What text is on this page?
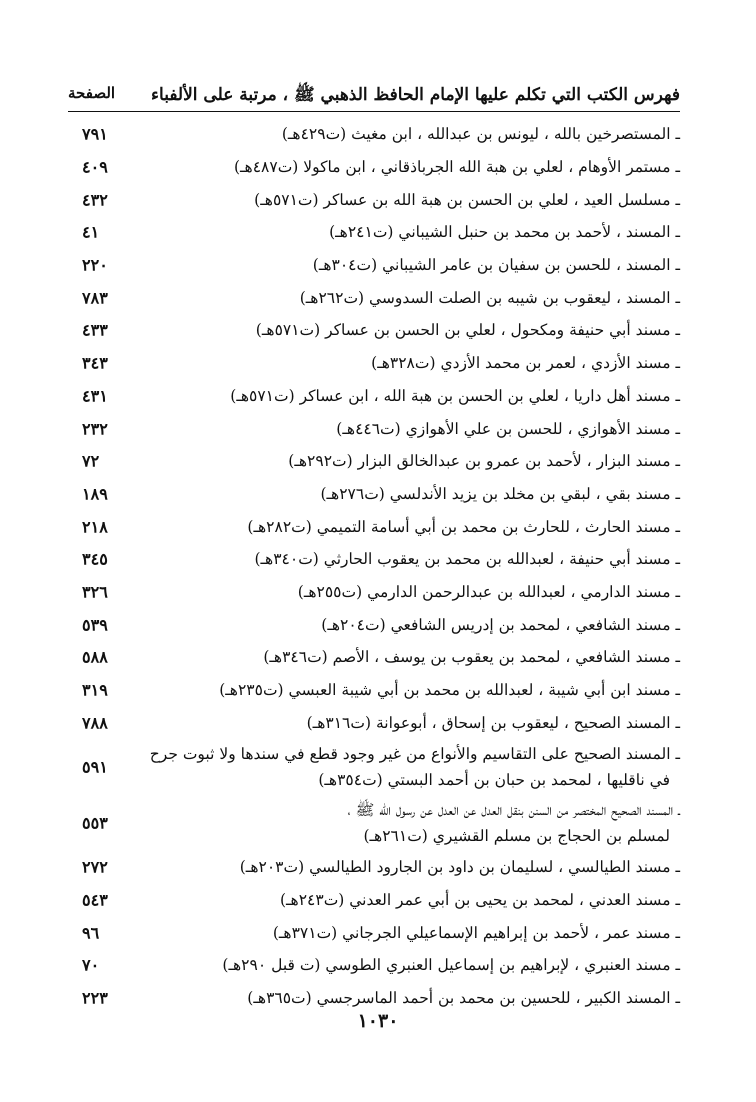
فهرس الكتب التي تكلم عليها الإمام الحافظ الذهبي ﷺ ، مرتبة على الألفباء
الصفحة
ـ المستصرخين بالله ، ليونس بن عبدالله ، ابن مغيث (ت٤٢٩هـ)
٧٩١
ـ مستمر الأوهام ، لعلي بن هبة الله الجرباذقاني ، ابن ماكولا (ت٤٨٧هـ)
٤٠٩
ـ مسلسل العيد ، لعلي بن الحسن بن هبة الله بن عساكر (ت٥٧١هـ)
٤٣٢
ـ المسند ، لأحمد بن محمد بن حنبل الشيباني (ت٢٤١هـ)
٤١
ـ المسند ، للحسن بن سفيان بن عامر الشيباني (ت٣٠٤هـ)
٢٢٠
ـ المسند ، ليعقوب بن شيبه بن الصلت السدوسي (ت٢٦٢هـ)
٧٨٣
ـ مسند أبي حنيفة ومكحول ، لعلي بن الحسن بن عساكر (ت٥٧١هـ)
٤٣٣
ـ مسند الأزدي ، لعمر بن محمد الأزدي (ت٣٢٨هـ)
٣٤٣
ـ مسند أهل داريا ، لعلي بن الحسن بن هبة الله ، ابن عساكر (ت٥٧١هـ)
٤٣١
ـ مسند الأهوازي ، للحسن بن علي الأهوازي (ت٤٤٦هـ)
٢٣٢
ـ مسند البزار ، لأحمد بن عمرو بن عبدالخالق البزار (ت٢٩٢هـ)
٧٢
ـ مسند بقي ، لبقي بن مخلد بن يزيد الأندلسي (ت٢٧٦هـ)
١٨٩
ـ مسند الحارث ، للحارث بن محمد بن أبي أسامة التميمي (ت٢٨٢هـ)
٢١٨
ـ مسند أبي حنيفة ، لعبدالله بن محمد بن يعقوب الحارثي (ت٣٤٠هـ)
٣٤٥
ـ مسند الدارمي ، لعبدالله بن عبدالرحمن الدارمي (ت٢٥٥هـ)
٣٢٦
ـ مسند الشافعي ، لمحمد بن إدريس الشافعي (ت٢٠٤هـ)
٥٣٩
ـ مسند الشافعي ، لمحمد بن يعقوب بن يوسف ، الأصم (ت٣٤٦هـ)
٥٨٨
ـ مسند ابن أبي شيبة ، لعبدالله بن محمد بن أبي شيبة العبسي (ت٢٣٥هـ)
٣١٩
ـ المسند الصحيح ، ليعقوب بن إسحاق ، أبوعوانة (ت٣١٦هـ)
٧٨٨
ـ المسند الصحيح على التقاسيم والأنواع من غير وجود قطع في سندها ولا ثبوت جرح
في ناقليها ، لمحمد بن حبان بن أحمد البستي (ت٣٥٤هـ)
٥٩١
ـ المسند الصحيح المختصر من السنن بنقل العدل عن العدل عن رسول الله ﷺ ،
لمسلم بن الحجاج بن مسلم القشيري (ت٢٦١هـ)
٥٥٣
ـ مسند الطيالسي ، لسليمان بن داود بن الجارود الطيالسي (ت٢٠٣هـ)
٢٧٢
ـ مسند العدني ، لمحمد بن يحيى بن أبي عمر العدني (ت٢٤٣هـ)
٥٤٣
ـ مسند عمر ، لأحمد بن إبراهيم الإسماعيلي الجرجاني (ت٣٧١هـ)
٩٦
ـ مسند العنبري ، لإبراهيم بن إسماعيل العنبري الطوسي (ت قبل ٢٩٠هـ)
٧٠
ـ المسند الكبير ، للحسين بن محمد بن أحمد الماسرجسي (ت٣٦٥هـ)
٢٢٣
١٠٣٠
